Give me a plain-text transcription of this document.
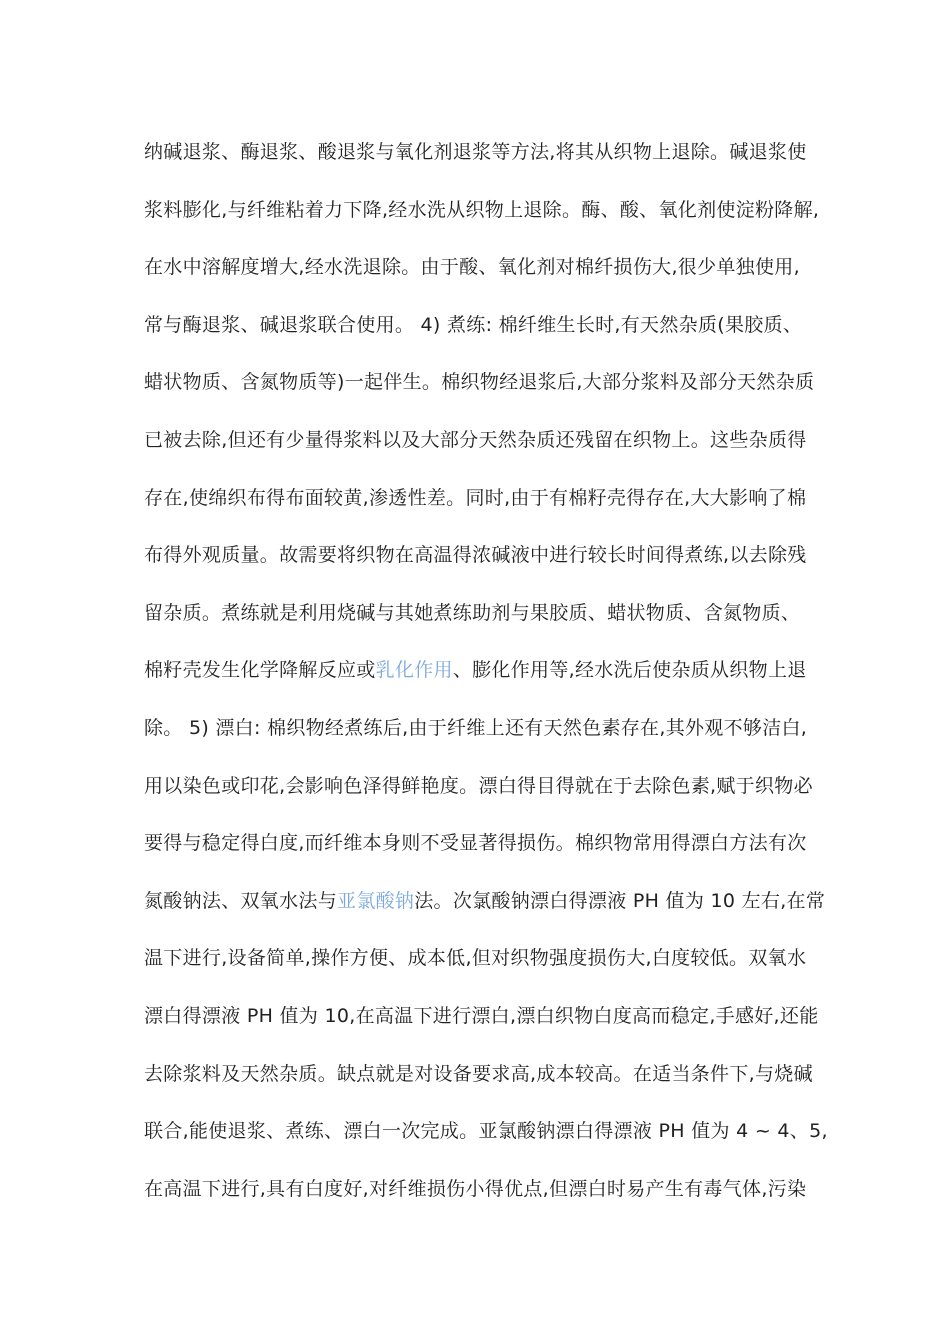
纳碱退浆、酶退浆、酸退浆与氧化剂退浆等方法,将其从织物上退除。碱退浆使
浆料膨化,与纤维粘着力下降,经水洗从织物上退除。酶、酸、氧化剂使淀粉降解,
在水中溶解度增大,经水洗退除。由于酸、氧化剂对棉纤损伤大,很少单独使用,
常与酶退浆、碱退浆联合使用。 4) 煮练: 棉纤维生长时,有天然杂质(果胶质、
蜡状物质、含氮物质等)一起伴生。棉织物经退浆后,大部分浆料及部分天然杂质
已被去除,但还有少量得浆料以及大部分天然杂质还残留在织物上。这些杂质得
存在,使绵织布得布面较黄,渗透性差。同时,由于有棉籽壳得存在,大大影响了棉
布得外观质量。故需要将织物在高温得浓碱液中进行较长时间得煮练,以去除残
留杂质。煮练就是利用烧碱与其她煮练助剂与果胶质、蜡状物质、含氮物质、
棉籽壳发生化学降解反应或乳化作用、膨化作用等,经水洗后使杂质从织物上退
除。 5) 漂白: 棉织物经煮练后,由于纤维上还有天然色素存在,其外观不够洁白,
用以染色或印花,会影响色泽得鲜艳度。漂白得目得就在于去除色素,赋于织物必
要得与稳定得白度,而纤维本身则不受显著得损伤。棉织物常用得漂白方法有次
氮酸钠法、双氧水法与亚氯酸钠法。次氯酸钠漂白得漂液 PH 值为 10 左右,在常
温下进行,设备简单,操作方便、成本低,但对织物强度损伤大,白度较低。双氧水
漂白得漂液 PH 值为 10,在高温下进行漂白,漂白织物白度高而稳定,手感好,还能
去除浆料及天然杂质。缺点就是对设备要求高,成本较高。在适当条件下,与烧碱
联合,能使退浆、煮练、漂白一次完成。亚氯酸钠漂白得漂液 PH 值为 4 ~ 4、5,
在高温下进行,具有白度好,对纤维损伤小得优点,但漂白时易产生有毒气体,污染
